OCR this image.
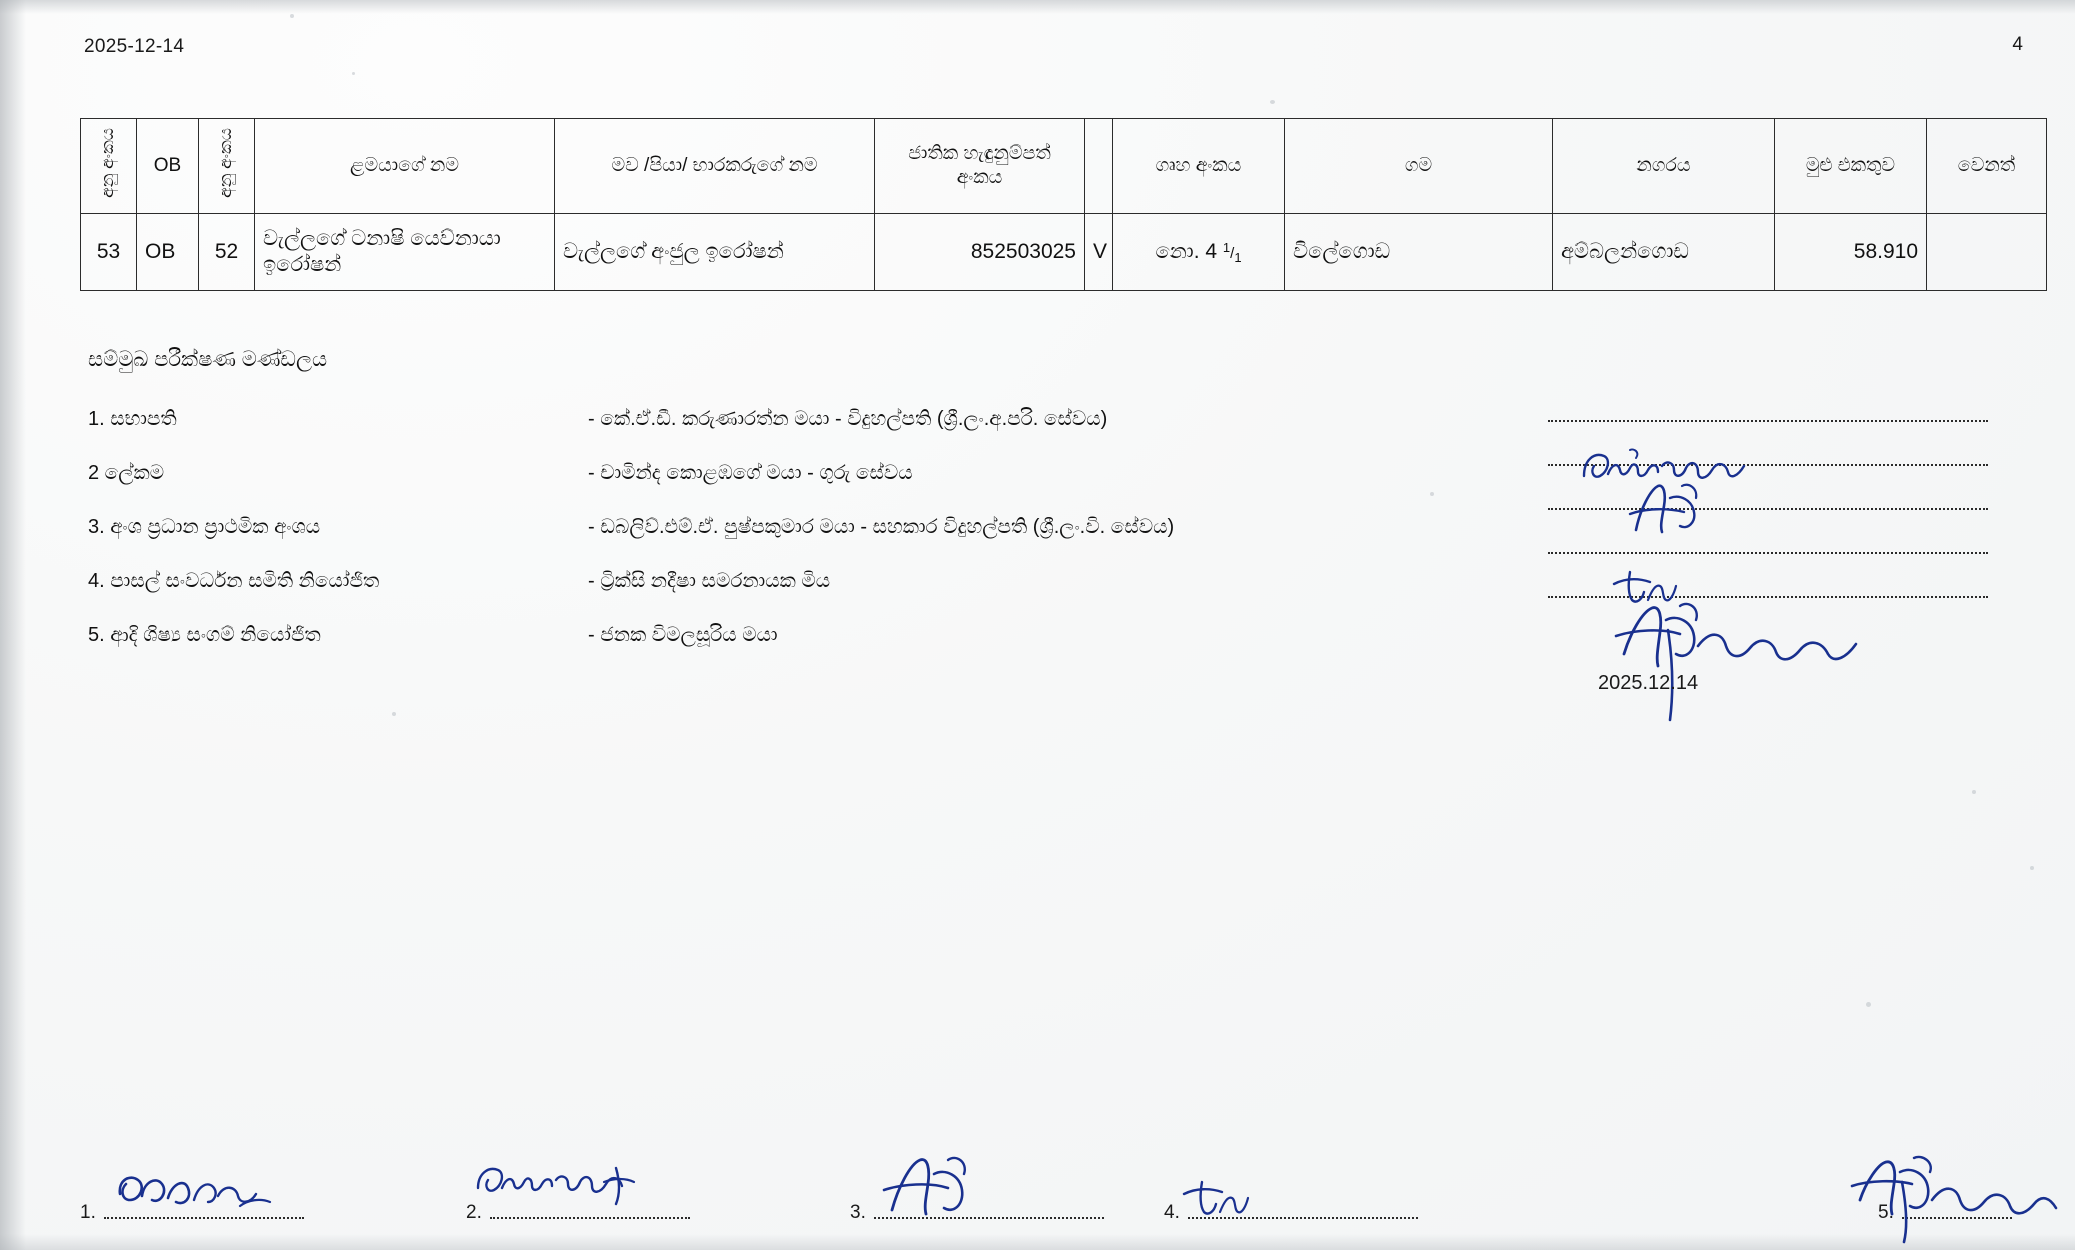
2025-12-14	4
අනු අංකය	OB	අනු අංකය	ළමයාගේ නම	මව /පියා/ භාරකරුගේ නම	ජාතික හැඳුනුම්පත් අංකය		ගෘහ අංකය	ගම	නගරය	මුළු එකතුව	වෙනත්
53	OB	52	වැල්ලගේ ටනාෂි යෙව්නායා ඉරෝෂන්	වැල්ලගේ අංජුල ඉරෝෂන්	852503025	V	නො. 4 $^1/_1$	විලේගොඩ	අම්බලන්ගොඩ	58.910	
සම්මුඛ පරීක්ෂණ මණ්ඩලය
1. සභාපති	- කේ.ඒ.ඩී. කරුණාරත්න මයා - විදුහල්පති (ශ්‍රී.ලං.අ.පරි. සේවය)
2 ලේකම	- චාමින්ද කොළඹගේ මයා - ගුරු සේවය
3. අංශ ප්‍රධාන ප්‍රාථමික අංශය	- ඩබලිව්.එම්.ඒ. පුෂ්පකුමාර මයා - සහකාර විදුහල්පති (ශ්‍රී.ලං.වි. සේවය)
4. පාසල් සංවර්ධන සමිති නියෝජිත	- ට්‍රික්සි නදීෂා සමරනායක මිය
5. ආදි ශිෂ්‍ය සංගම් නියෝජිත	- ජනක විමලසූරිය මයා
2025.12.14
1.	2.	3.	4.	5.
